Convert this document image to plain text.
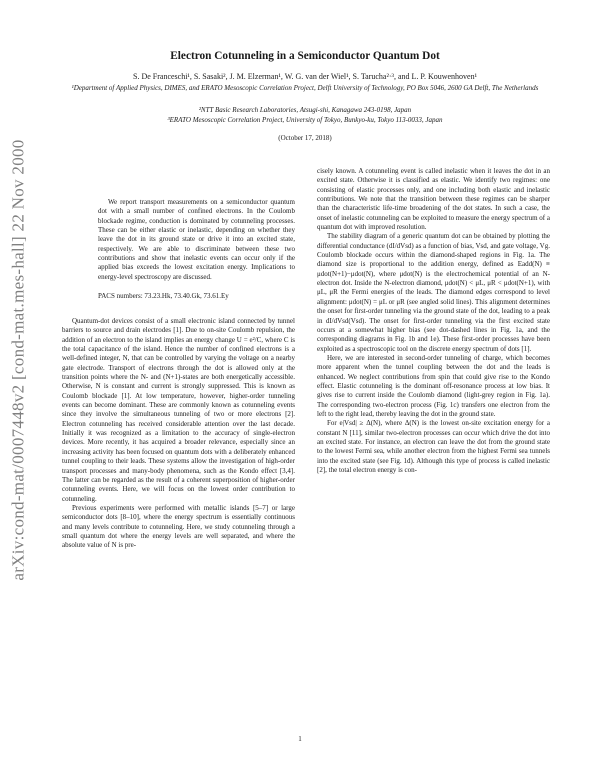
arXiv:cond-mat/0007448v2 [cond-mat.mes-hall] 22 Nov 2000
Electron Cotunneling in a Semiconductor Quantum Dot
S. De Franceschi¹, S. Sasaki², J. M. Elzerman¹, W. G. van der Wiel¹, S. Tarucha²·³, and L. P. Kouwenhoven¹
¹Department of Applied Physics, DIMES, and ERATO Mesoscopic Correlation Project, Delft University of Technology, PO Box 5046, 2600 GA Delft, The Netherlands
²NTT Basic Research Laboratories, Atsugi-shi, Kanagawa 243-0198, Japan
³ERATO Mesoscopic Correlation Project, University of Tokyo, Bunkyo-ku, Tokyo 113-0033, Japan
(October 17, 2018)

We report transport measurements on a semiconductor quantum dot with a small number of confined electrons. In the Coulomb blockade regime, conduction is dominated by cotunneling processes. These can be either elastic or inelastic, depending on whether they leave the dot in its ground state or drive it into an excited state, respectively. We are able to discriminate between these two contributions and show that inelastic events can occur only if the applied bias exceeds the lowest excitation energy. Implications to energy-level spectroscopy are discussed.

PACS numbers: 73.23.Hk, 73.40.Gk, 73.61.Ey

Quantum-dot devices consist of a small electronic island connected by tunnel barriers to source and drain electrodes [1]. Due to on-site Coulomb repulsion, the addition of an electron to the island implies an energy change U = e²/C, where C is the total capacitance of the island. Hence the number of confined electrons is a well-defined integer, N, that can be controlled by varying the voltage on a nearby gate electrode. Transport of electrons through the dot is allowed only at the transition points where the N- and (N+1)-states are both energetically accessible. Otherwise, N is constant and current is strongly suppressed. This is known as Coulomb blockade [1]. At low temperature, however, higher-order tunneling events can become dominant. These are commonly known as cotunneling events since they involve the simultaneous tunneling of two or more electrons [2]. Electron cotunneling has received considerable attention over the last decade. Initially it was recognized as a limitation to the accuracy of single-electron devices. More recently, it has acquired a broader relevance, especially since an increasing activity has been focused on quantum dots with a deliberately enhanced tunnel coupling to their leads. These systems allow the investigation of high-order transport processes and many-body phenomena, such as the Kondo effect [3,4]. The latter can be regarded as the result of a coherent superposition of higher-order cotunneling events. Here, we will focus on the lowest order contribution to cotunneling.

Previous experiments were performed with metallic islands [5–7] or large semiconductor dots [8–10], where the energy spectrum is essentially continuous and many levels contribute to cotunneling. Here, we study cotunneling through a small quantum dot where the energy levels are well separated, and where the absolute value of N is pre-

cisely known. A cotunneling event is called inelastic when it leaves the dot in an excited state. Otherwise it is classified as elastic. We identify two regimes: one consisting of elastic processes only, and one including both elastic and inelastic contributions. We note that the transition between these regimes can be sharper than the characteristic life-time broadening of the dot states. In such a case, the onset of inelastic cotunneling can be exploited to measure the energy spectrum of a quantum dot with improved resolution.

The stability diagram of a generic quantum dot can be obtained by plotting the differential conductance (dI/dVsd) as a function of bias, Vsd, and gate voltage, Vg. Coulomb blockade occurs within the diamond-shaped regions in Fig. 1a. The diamond size is proportional to the addition energy, defined as Eadd(N) ≡ μdot(N+1)−μdot(N), where μdot(N) is the electrochemical potential of an N-electron dot. Inside the N-electron diamond, μdot(N) < μL, μR < μdot(N+1), with μL, μR the Fermi energies of the leads. The diamond edges correspond to level alignment: μdot(N) = μL or μR (see angled solid lines). This alignment determines the onset for first-order tunneling via the ground state of the dot, leading to a peak in dI/dVsd(Vsd). The onset for first-order tunneling via the first excited state occurs at a somewhat higher bias (see dot-dashed lines in Fig. 1a, and the corresponding diagrams in Fig. 1b and 1e). These first-order processes have been exploited as a spectroscopic tool on the discrete energy spectrum of dots [1].

Here, we are interested in second-order tunneling of charge, which becomes more apparent when the tunnel coupling between the dot and the leads is enhanced. We neglect contributions from spin that could give rise to the Kondo effect. Elastic cotunneling is the dominant off-resonance process at low bias. It gives rise to current inside the Coulomb diamond (light-grey region in Fig. 1a). The corresponding two-electron process (Fig. 1c) transfers one electron from the left to the right lead, thereby leaving the dot in the ground state.

For e|Vsd| ≥ Δ(N), where Δ(N) is the lowest on-site excitation energy for a constant N [11], similar two-electron processes can occur which drive the dot into an excited state. For instance, an electron can leave the dot from the ground state to the lowest Fermi sea, while another electron from the highest Fermi sea tunnels into the excited state (see Fig. 1d). Although this type of process is called inelastic [2], the total electron energy is con-

1
